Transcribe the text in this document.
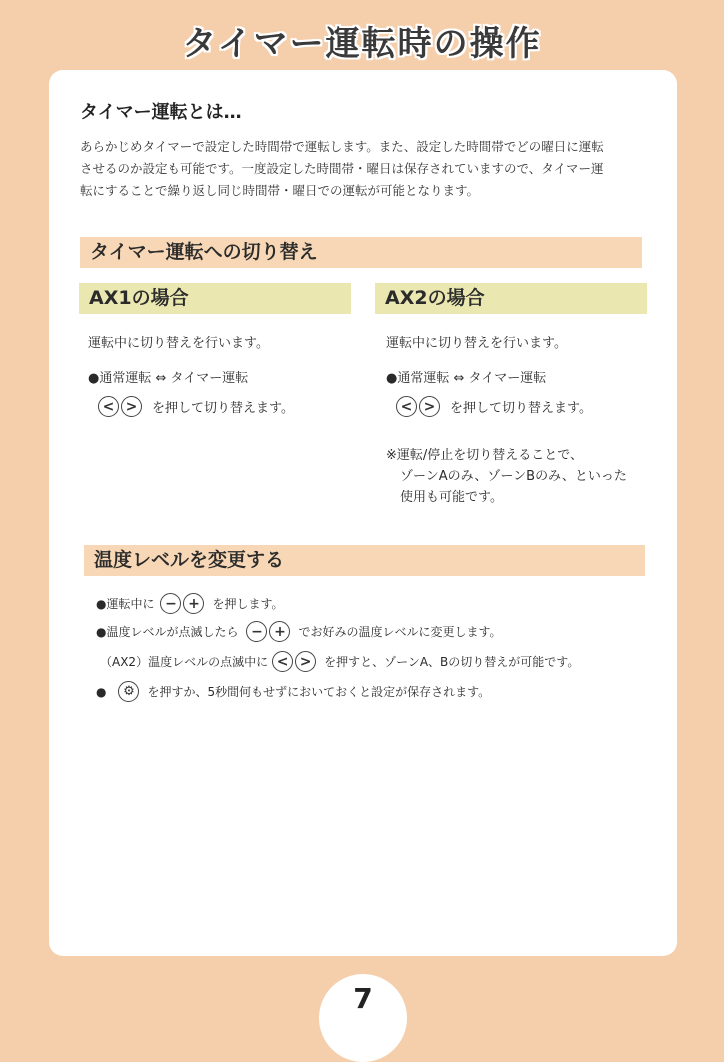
タイマー運転時の操作
タイマー運転とは…
あらかじめタイマーで設定した時間帯で運転します。また、設定した時間帯でどの曜日に運転
させるのか設定も可能です。一度設定した時間帯・曜日は保存されていますので、タイマー運
転にすることで繰り返し同じ時間帯・曜日での運転が可能となります。
タイマー運転への切り替え
AX1の場合	AX2の場合
運転中に切り替えを行います。
●通常運転 ⇔ タイマー運転
< >	を押して切り替えます。
運転中に切り替えを行います。
●通常運転 ⇔ タイマー運転
< >	を押して切り替えます。
※運転/停止を切り替えることで、
ゾーンAのみ、ゾーンBのみ、といった
使用も可能です。
温度レベルを変更する
●運転中に − +	を押します。
●温度レベルが点滅したら − +	でお好みの温度レベルに変更します。
（AX2）温度レベルの点滅中に < >	を押すと、ゾーンA、Bの切り替えが可能です。
●	⚙	を押すか、5秒間何もせずにおいておくと設定が保存されます。
7
